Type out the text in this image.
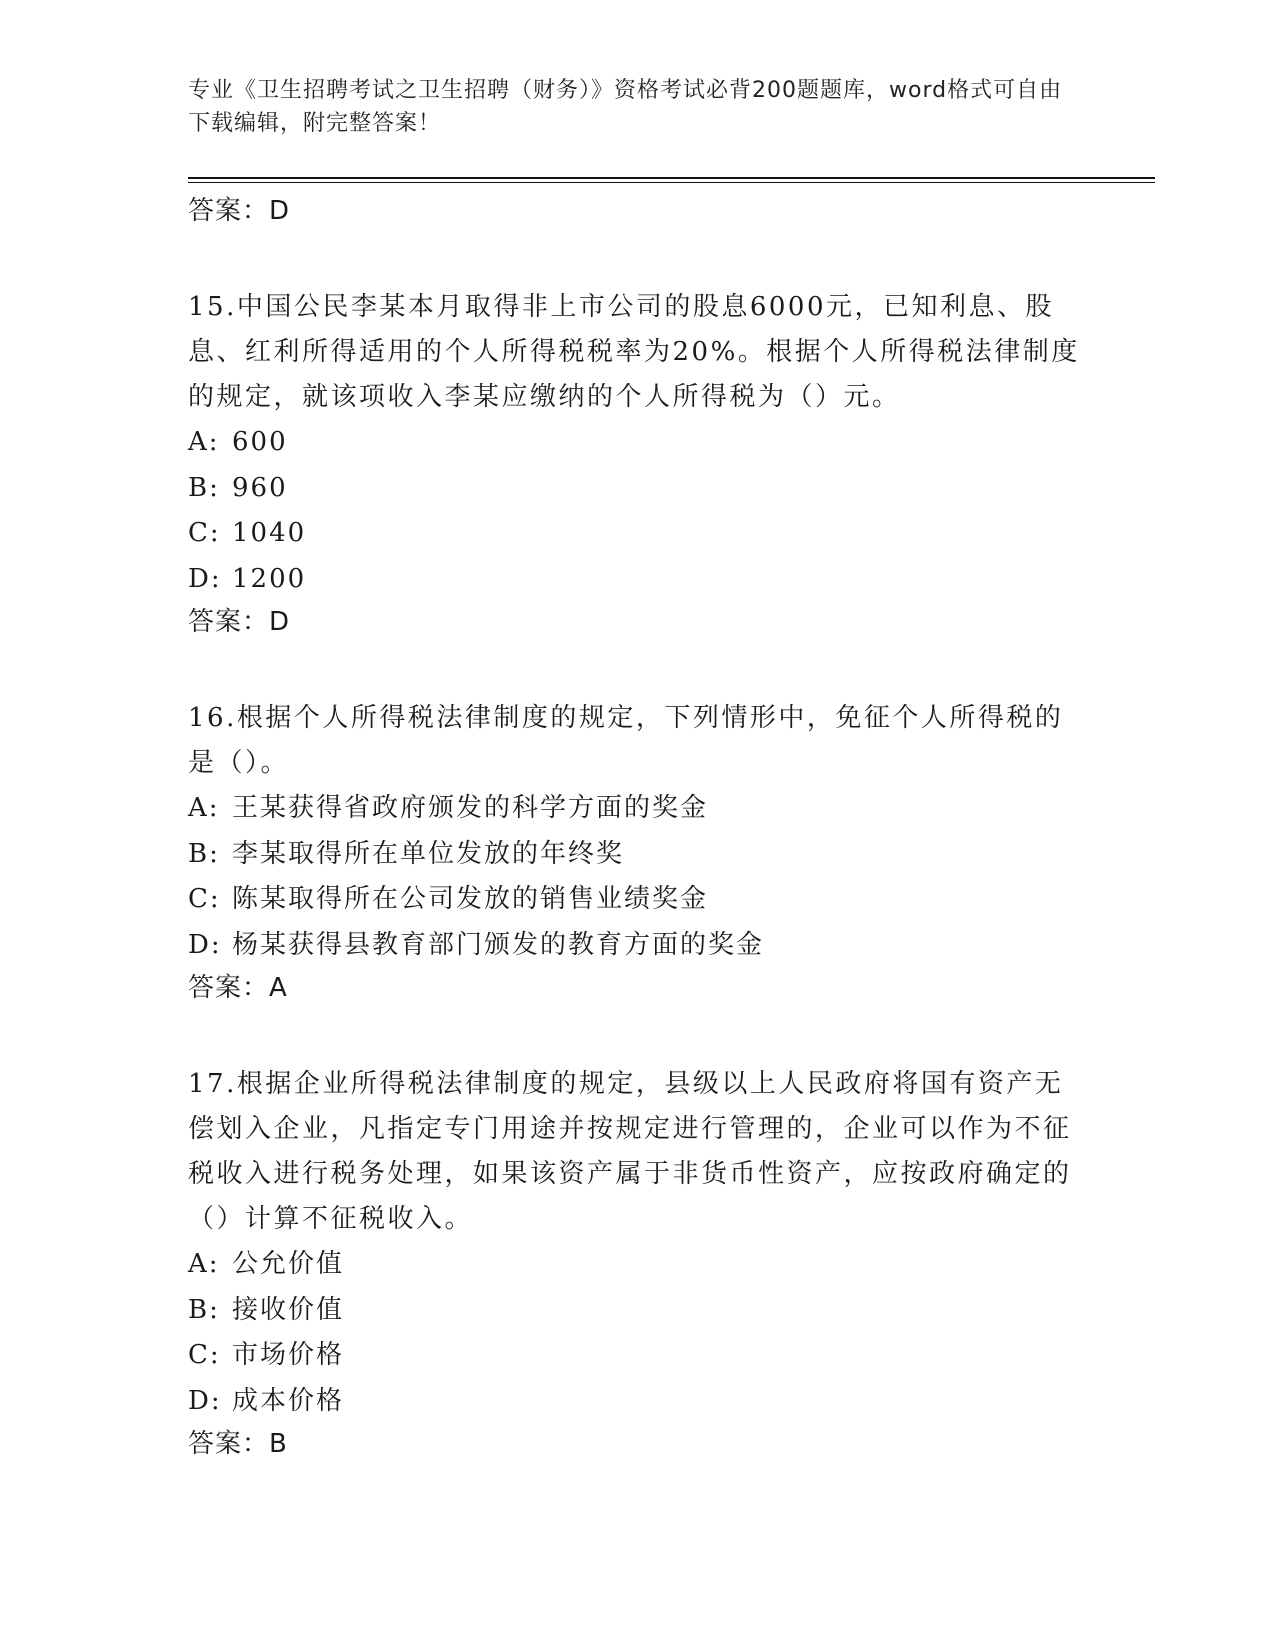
专业《卫生招聘考试之卫生招聘（财务）》资格考试必背200题题库，word格式可自由下载编辑，附完整答案！
答案：D
15.中国公民李某本月取得非上市公司的股息6000元，已知利息、股息、红利所得适用的个人所得税税率为20%。根据个人所得税法律制度的规定，就该项收入李某应缴纳的个人所得税为（）元。
A: 600
B: 960
C: 1040
D: 1200
答案：D
16.根据个人所得税法律制度的规定，下列情形中，免征个人所得税的是（）。
A: 王某获得省政府颁发的科学方面的奖金
B: 李某取得所在单位发放的年终奖
C: 陈某取得所在公司发放的销售业绩奖金
D: 杨某获得县教育部门颁发的教育方面的奖金
答案：A
17.根据企业所得税法律制度的规定，县级以上人民政府将国有资产无偿划入企业，凡指定专门用途并按规定进行管理的，企业可以作为不征税收入进行税务处理，如果该资产属于非货币性资产，应按政府确定的（）计算不征税收入。
A: 公允价值
B: 接收价值
C: 市场价格
D: 成本价格
答案：B
